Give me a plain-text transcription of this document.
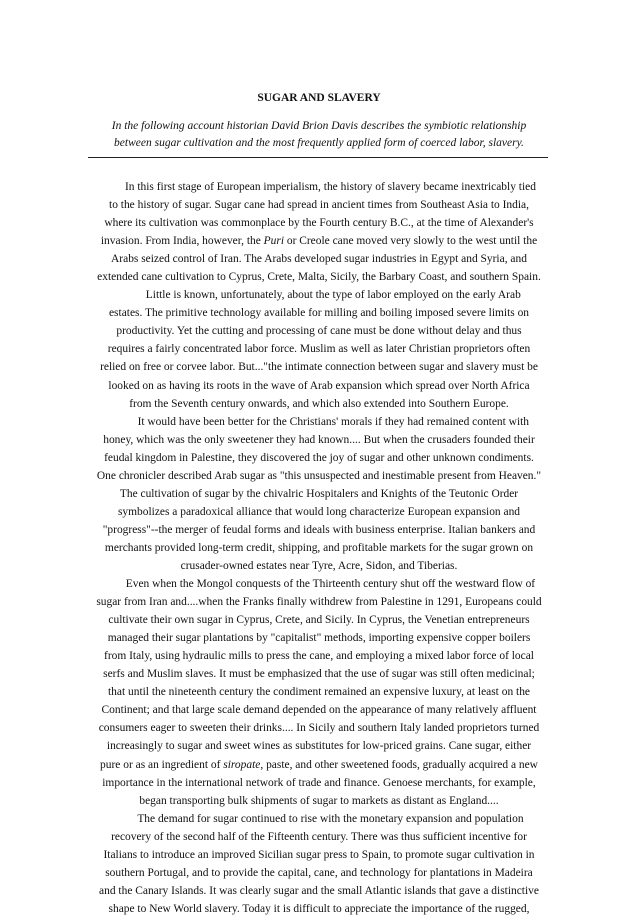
SUGAR AND SLAVERY
In the following account historian David Brion Davis describes the symbiotic relationship
between sugar cultivation and the most frequently applied form of coerced labor, slavery.
In this first stage of European imperialism, the history of slavery became inextricably tied
to the history of sugar. Sugar cane had spread in ancient times from Southeast Asia to India,
where its cultivation was commonplace by the Fourth century B.C., at the time of Alexander's
invasion. From India, however, the Puri or Creole cane moved very slowly to the west until the
Arabs seized control of Iran. The Arabs developed sugar industries in Egypt and Syria, and
extended cane cultivation to Cyprus, Crete, Malta, Sicily, the Barbary Coast, and southern Spain.
Little is known, unfortunately, about the type of labor employed on the early Arab
estates. The primitive technology available for milling and boiling imposed severe limits on
productivity. Yet the cutting and processing of cane must be done without delay and thus
requires a fairly concentrated labor force. Muslim as well as later Christian proprietors often
relied on free or corvee labor. But..."the intimate connection between sugar and slavery must be
looked on as having its roots in the wave of Arab expansion which spread over North Africa
from the Seventh century onwards, and which also extended into Southern Europe.
It would have been better for the Christians' morals if they had remained content with
honey, which was the only sweetener they had known.... But when the crusaders founded their
feudal kingdom in Palestine, they discovered the joy of sugar and other unknown condiments.
One chronicler described Arab sugar as "this unsuspected and inestimable present from Heaven."
The cultivation of sugar by the chivalric Hospitalers and Knights of the Teutonic Order
symbolizes a paradoxical alliance that would long characterize European expansion and
"progress"--the merger of feudal forms and ideals with business enterprise. Italian bankers and
merchants provided long-term credit, shipping, and profitable markets for the sugar grown on
crusader-owned estates near Tyre, Acre, Sidon, and Tiberias.
Even when the Mongol conquests of the Thirteenth century shut off the westward flow of
sugar from Iran and....when the Franks finally withdrew from Palestine in 1291, Europeans could
cultivate their own sugar in Cyprus, Crete, and Sicily. In Cyprus, the Venetian entrepreneurs
managed their sugar plantations by "capitalist" methods, importing expensive copper boilers
from Italy, using hydraulic mills to press the cane, and employing a mixed labor force of local
serfs and Muslim slaves. It must be emphasized that the use of sugar was still often medicinal;
that until the nineteenth century the condiment remained an expensive luxury, at least on the
Continent; and that large scale demand depended on the appearance of many relatively affluent
consumers eager to sweeten their drinks.... In Sicily and southern Italy landed proprietors turned
increasingly to sugar and sweet wines as substitutes for low-priced grains. Cane sugar, either
pure or as an ingredient of siropate, paste, and other sweetened foods, gradually acquired a new
importance in the international network of trade and finance. Genoese merchants, for example,
began transporting bulk shipments of sugar to markets as distant as England....
The demand for sugar continued to rise with the monetary expansion and population
recovery of the second half of the Fifteenth century. There was thus sufficient incentive for
Italians to introduce an improved Sicilian sugar press to Spain, to promote sugar cultivation in
southern Portugal, and to provide the capital, cane, and technology for plantations in Madeira
and the Canary Islands. It was clearly sugar and the small Atlantic islands that gave a distinctive
shape to New World slavery. Today it is difficult to appreciate the importance of the rugged,
